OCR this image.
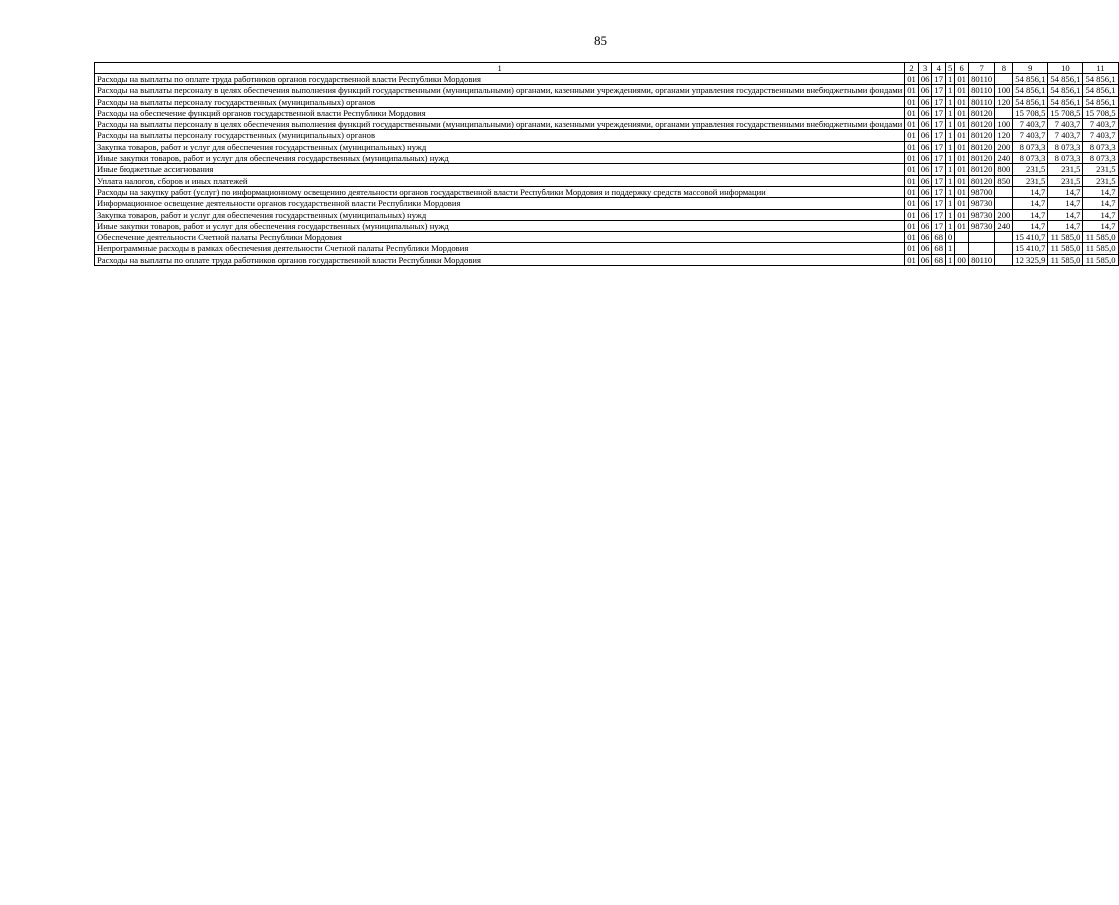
85
1	2	3	4	5	6	7	8	9	10	11
Расходы на выплаты по оплате труда работников органов государственной власти Республики Мордовия	01	06	17	1	01	80110		54 856,1	54 856,1	54 856,1
Расходы на выплаты персоналу в целях обеспечения выполнения функций государственными (муниципальными) органами, казенными учреждениями, органами управления государственными внебюджетными фондами	01	06	17	1	01	80110	100	54 856,1	54 856,1	54 856,1
Расходы на выплаты персоналу государственных (муниципальных) органов	01	06	17	1	01	80110	120	54 856,1	54 856,1	54 856,1
Расходы на обеспечение функций органов государственной власти Республики Мордовия	01	06	17	1	01	80120		15 708,5	15 708,5	15 708,5
Расходы на выплаты персоналу в целях обеспечения выполнения функций государственными (муниципальными) органами, казенными учреждениями, органами управления государственными внебюджетными фондами	01	06	17	1	01	80120	100	7 403,7	7 403,7	7 403,7
Расходы на выплаты персоналу государственных (муниципальных) органов	01	06	17	1	01	80120	120	7 403,7	7 403,7	7 403,7
Закупка товаров, работ и услуг для обеспечения государственных (муниципальных) нужд	01	06	17	1	01	80120	200	8 073,3	8 073,3	8 073,3
Иные закупки товаров, работ и услуг для обеспечения государственных (муниципальных) нужд	01	06	17	1	01	80120	240	8 073,3	8 073,3	8 073,3
Иные бюджетные ассигнования	01	06	17	1	01	80120	800	231,5	231,5	231,5
Уплата налогов, сборов и иных платежей	01	06	17	1	01	80120	850	231,5	231,5	231,5
Расходы на закупку работ (услуг) по информационному освещению деятельности органов государственной власти Республики Мордовия и поддержку средств массовой информации	01	06	17	1	01	98700		14,7	14,7	14,7
Информационное освещение деятельности органов государственной власти Республики Мордовия	01	06	17	1	01	98730		14,7	14,7	14,7
Закупка товаров, работ и услуг для обеспечения государственных (муниципальных) нужд	01	06	17	1	01	98730	200	14,7	14,7	14,7
Иные закупки товаров, работ и услуг для обеспечения государственных (муниципальных) нужд	01	06	17	1	01	98730	240	14,7	14,7	14,7
Обеспечение деятельности Счетной палаты Республики Мордовия	01	06	68	0				15 410,7	11 585,0	11 585,0
Непрограммные расходы в рамках обеспечения деятельности Счетной палаты Республики Мордовия	01	06	68	1				15 410,7	11 585,0	11 585,0
Расходы на выплаты по оплате труда работников органов государственной власти Республики Мордовия	01	06	68	1	00	80110		12 325,9	11 585,0	11 585,0
